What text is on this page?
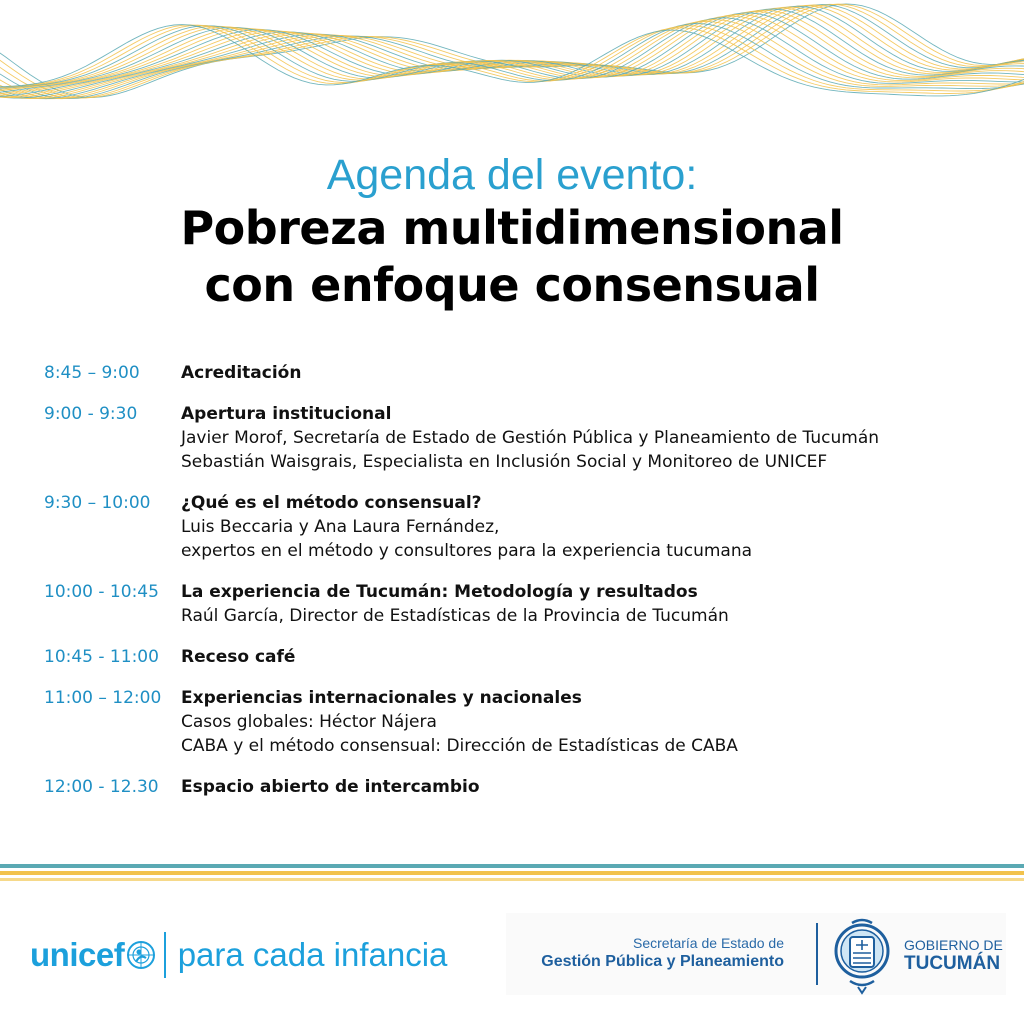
Agenda del evento:
Pobreza multidimensional
con enfoque consensual
8:45 – 9:00	Acreditación
9:00 - 9:30	Apertura institucional
Javier Morof, Secretaría de Estado de Gestión Pública y Planeamiento de Tucumán
Sebastián Waisgrais, Especialista en Inclusión Social y Monitoreo de UNICEF
9:30 – 10:00	¿Qué es el método consensual?
Luis Beccaria y Ana Laura Fernández,
expertos en el método y consultores para la experiencia tucumana
10:00 - 10:45	La experiencia de Tucumán: Metodología y resultados
Raúl García, Director de Estadísticas de la Provincia de Tucumán
10:45 - 11:00	Receso café
11:00 – 12:00	Experiencias internacionales y nacionales
Casos globales: Héctor Nájera
CABA y el método consensual: Dirección de Estadísticas de CABA
12:00 - 12.30	Espacio abierto de intercambio
unicef para cada infancia	Secretaría de Estado de
Gestión Pública y Planeamiento
GOBIERNO DE
TUCUMÁN
